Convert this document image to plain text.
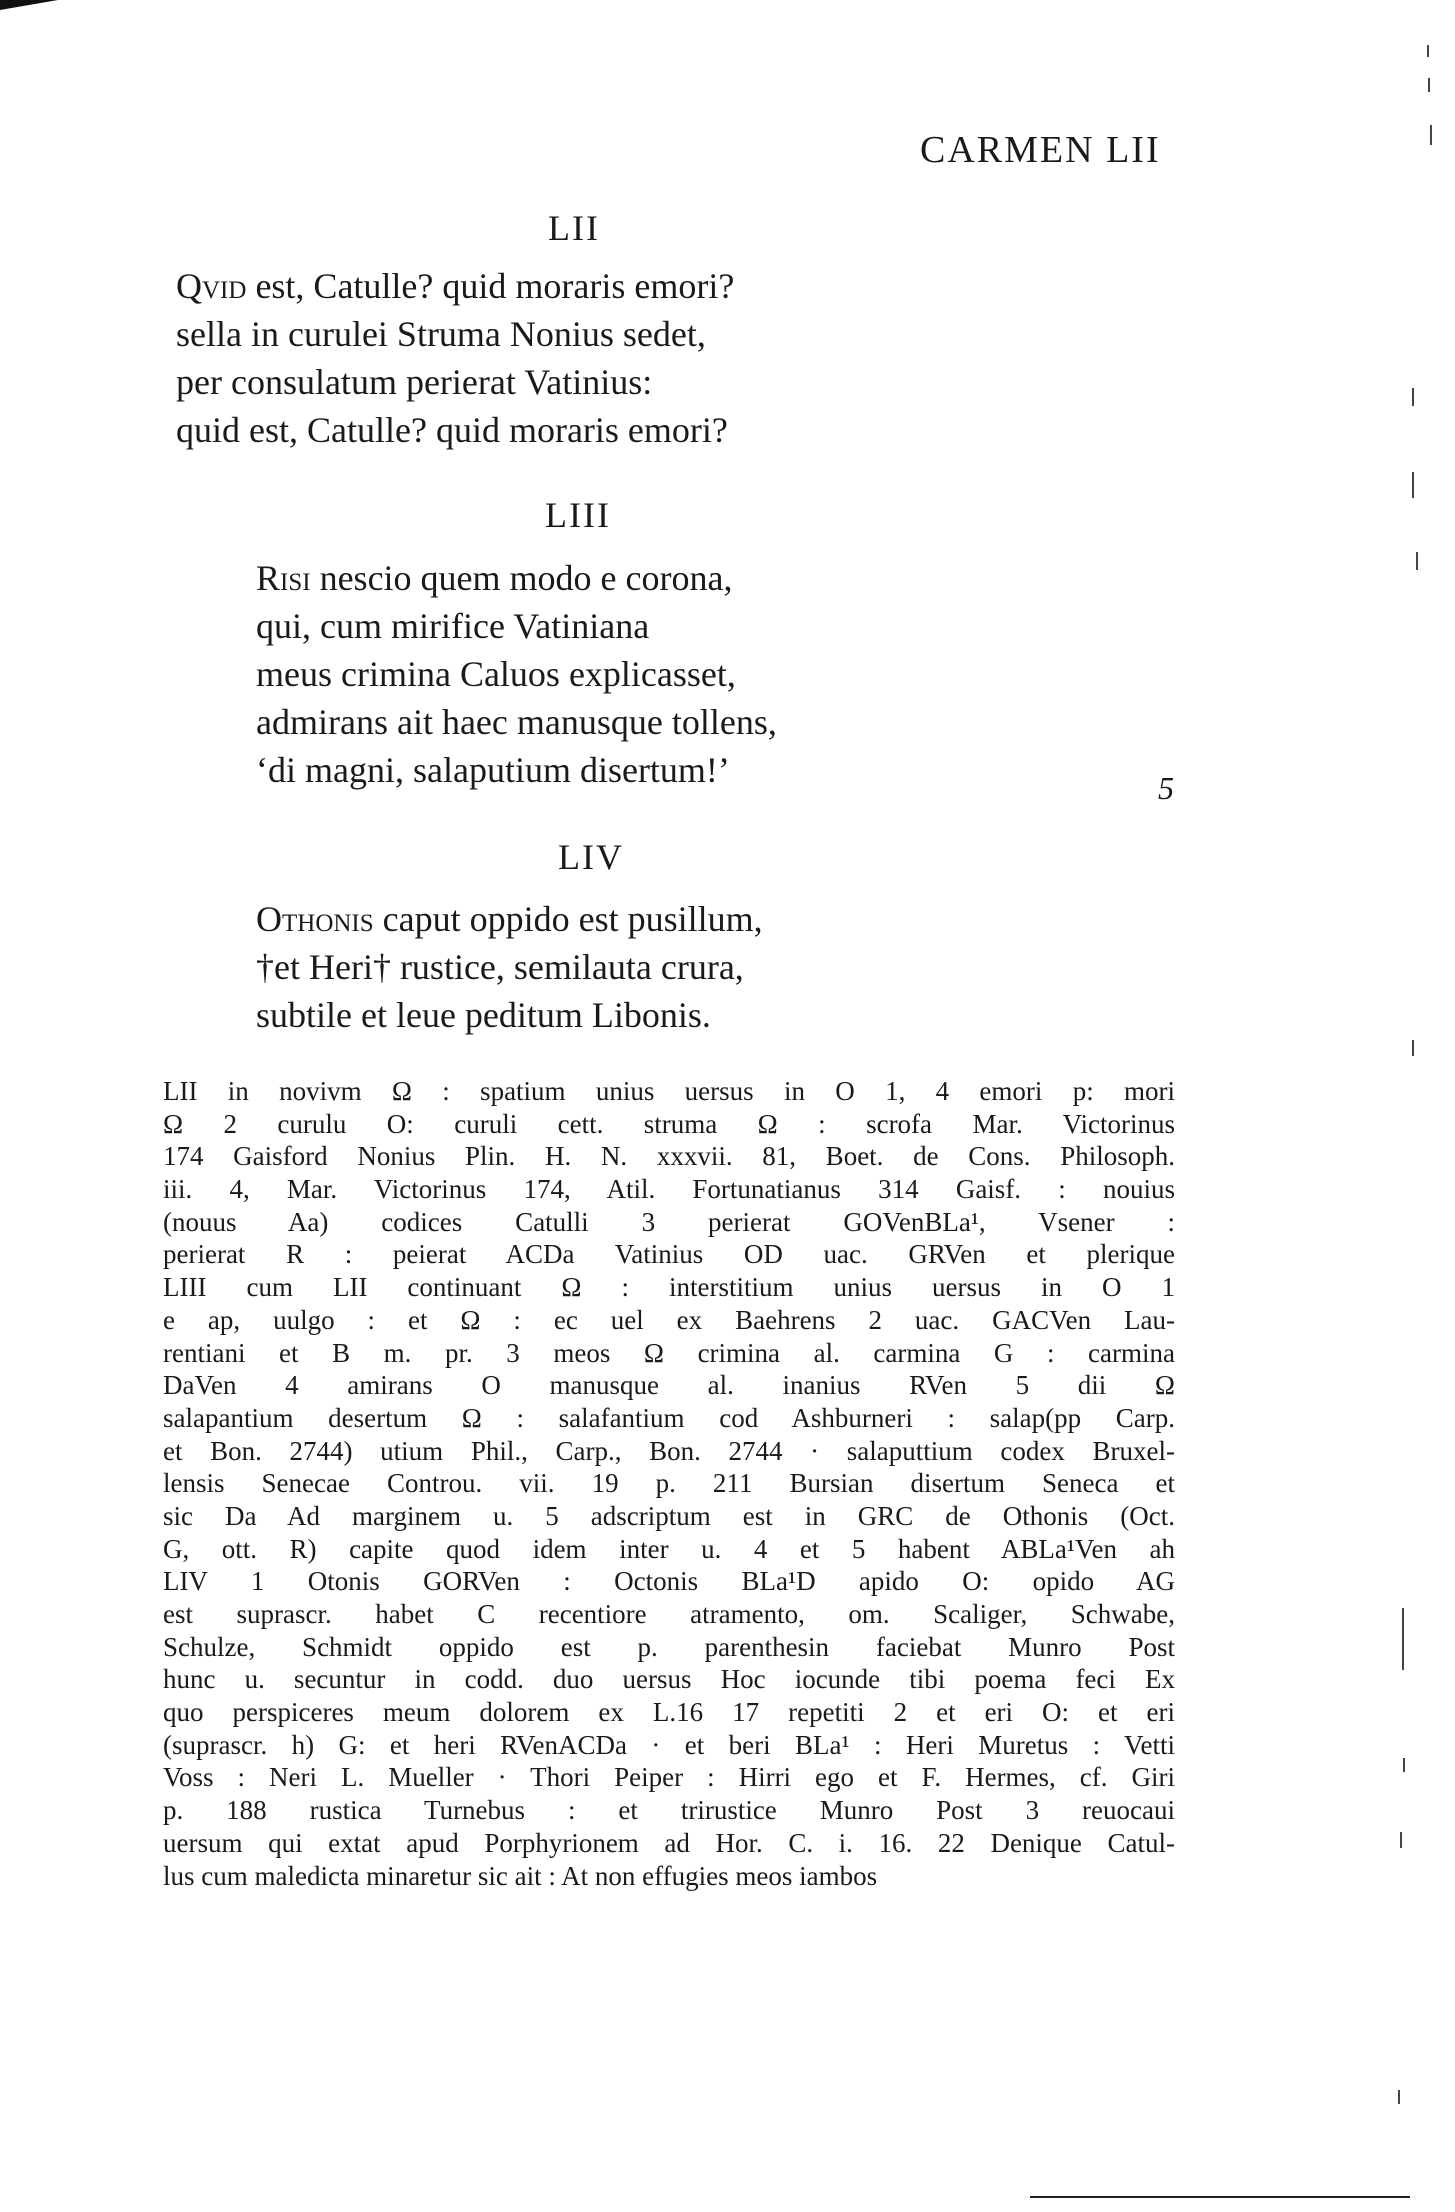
CARMEN LII
LII
Qvid est, Catulle? quid moraris emori?
sella in curulei Struma Nonius sedet,
per consulatum perierat Vatinius:
quid est, Catulle? quid moraris emori?
LIII
Risi nescio quem modo e corona,
qui, cum mirifice Vatiniana
meus crimina Caluos explicasset,
admirans ait haec manusque tollens,
‘di magni, salaputium disertum!’	5
LIV
Othonis caput oppido est pusillum,
†et Heri† rustice, semilauta crura,
subtile et leue peditum Libonis.
LII in novivm Ω : spatium unius uersus in O 1, 4 emori p: mori
Ω 2 curulu O: curuli cett. struma Ω : scrofa Mar. Victorinus
174 Gaisford Nonius Plin. H. N. xxxvii. 81, Boet. de Cons. Philosoph.
iii. 4, Mar. Victorinus 174, Atil. Fortunatianus 314 Gaisf. : nouius
(nouus Aa) codices Catulli 3 perierat GOVenBLa¹, Vsener :
perierat R : peierat ACDa Vatinius OD uac. GRVen et plerique
LIII cum LII continuant Ω : interstitium unius uersus in O 1
e ap, uulgo : et Ω : ec uel ex Baehrens 2 uac. GACVen Lau-
rentiani et B m. pr. 3 meos Ω crimina al. carmina G : carmina
DaVen 4 amirans O manusque al. inanius RVen 5 dii Ω
salapantium desertum Ω : salafantium cod Ashburneri : salap(pp Carp.
et Bon. 2744) utium Phil., Carp., Bon. 2744 · salaputtium codex Bruxel-
lensis Senecae Controu. vii. 19 p. 211 Bursian disertum Seneca et
sic Da Ad marginem u. 5 adscriptum est in GRC de Othonis (Oct.
G, ott. R) capite quod idem inter u. 4 et 5 habent ABLa¹Ven ah
LIV 1 Otonis GORVen : Octonis BLa¹D apido O: opido AG
est suprascr. habet C recentiore atramento, om. Scaliger, Schwabe,
Schulze, Schmidt oppido est p. parenthesin faciebat Munro Post
hunc u. secuntur in codd. duo uersus Hoc iocunde tibi poema feci Ex
quo perspiceres meum dolorem ex L.16 17 repetiti 2 et eri O: et eri
(suprascr. h) G: et heri RVenACDa · et beri BLa¹ : Heri Muretus : Vetti
Voss : Neri L. Mueller · Thori Peiper : Hirri ego et F. Hermes, cf. Giri
p. 188 rustica Turnebus : et trirustice Munro Post 3 reuocaui
uersum qui extat apud Porphyrionem ad Hor. C. i. 16. 22 Denique Catul-
lus cum maledicta minaretur sic ait : At non effugies meos iambos
